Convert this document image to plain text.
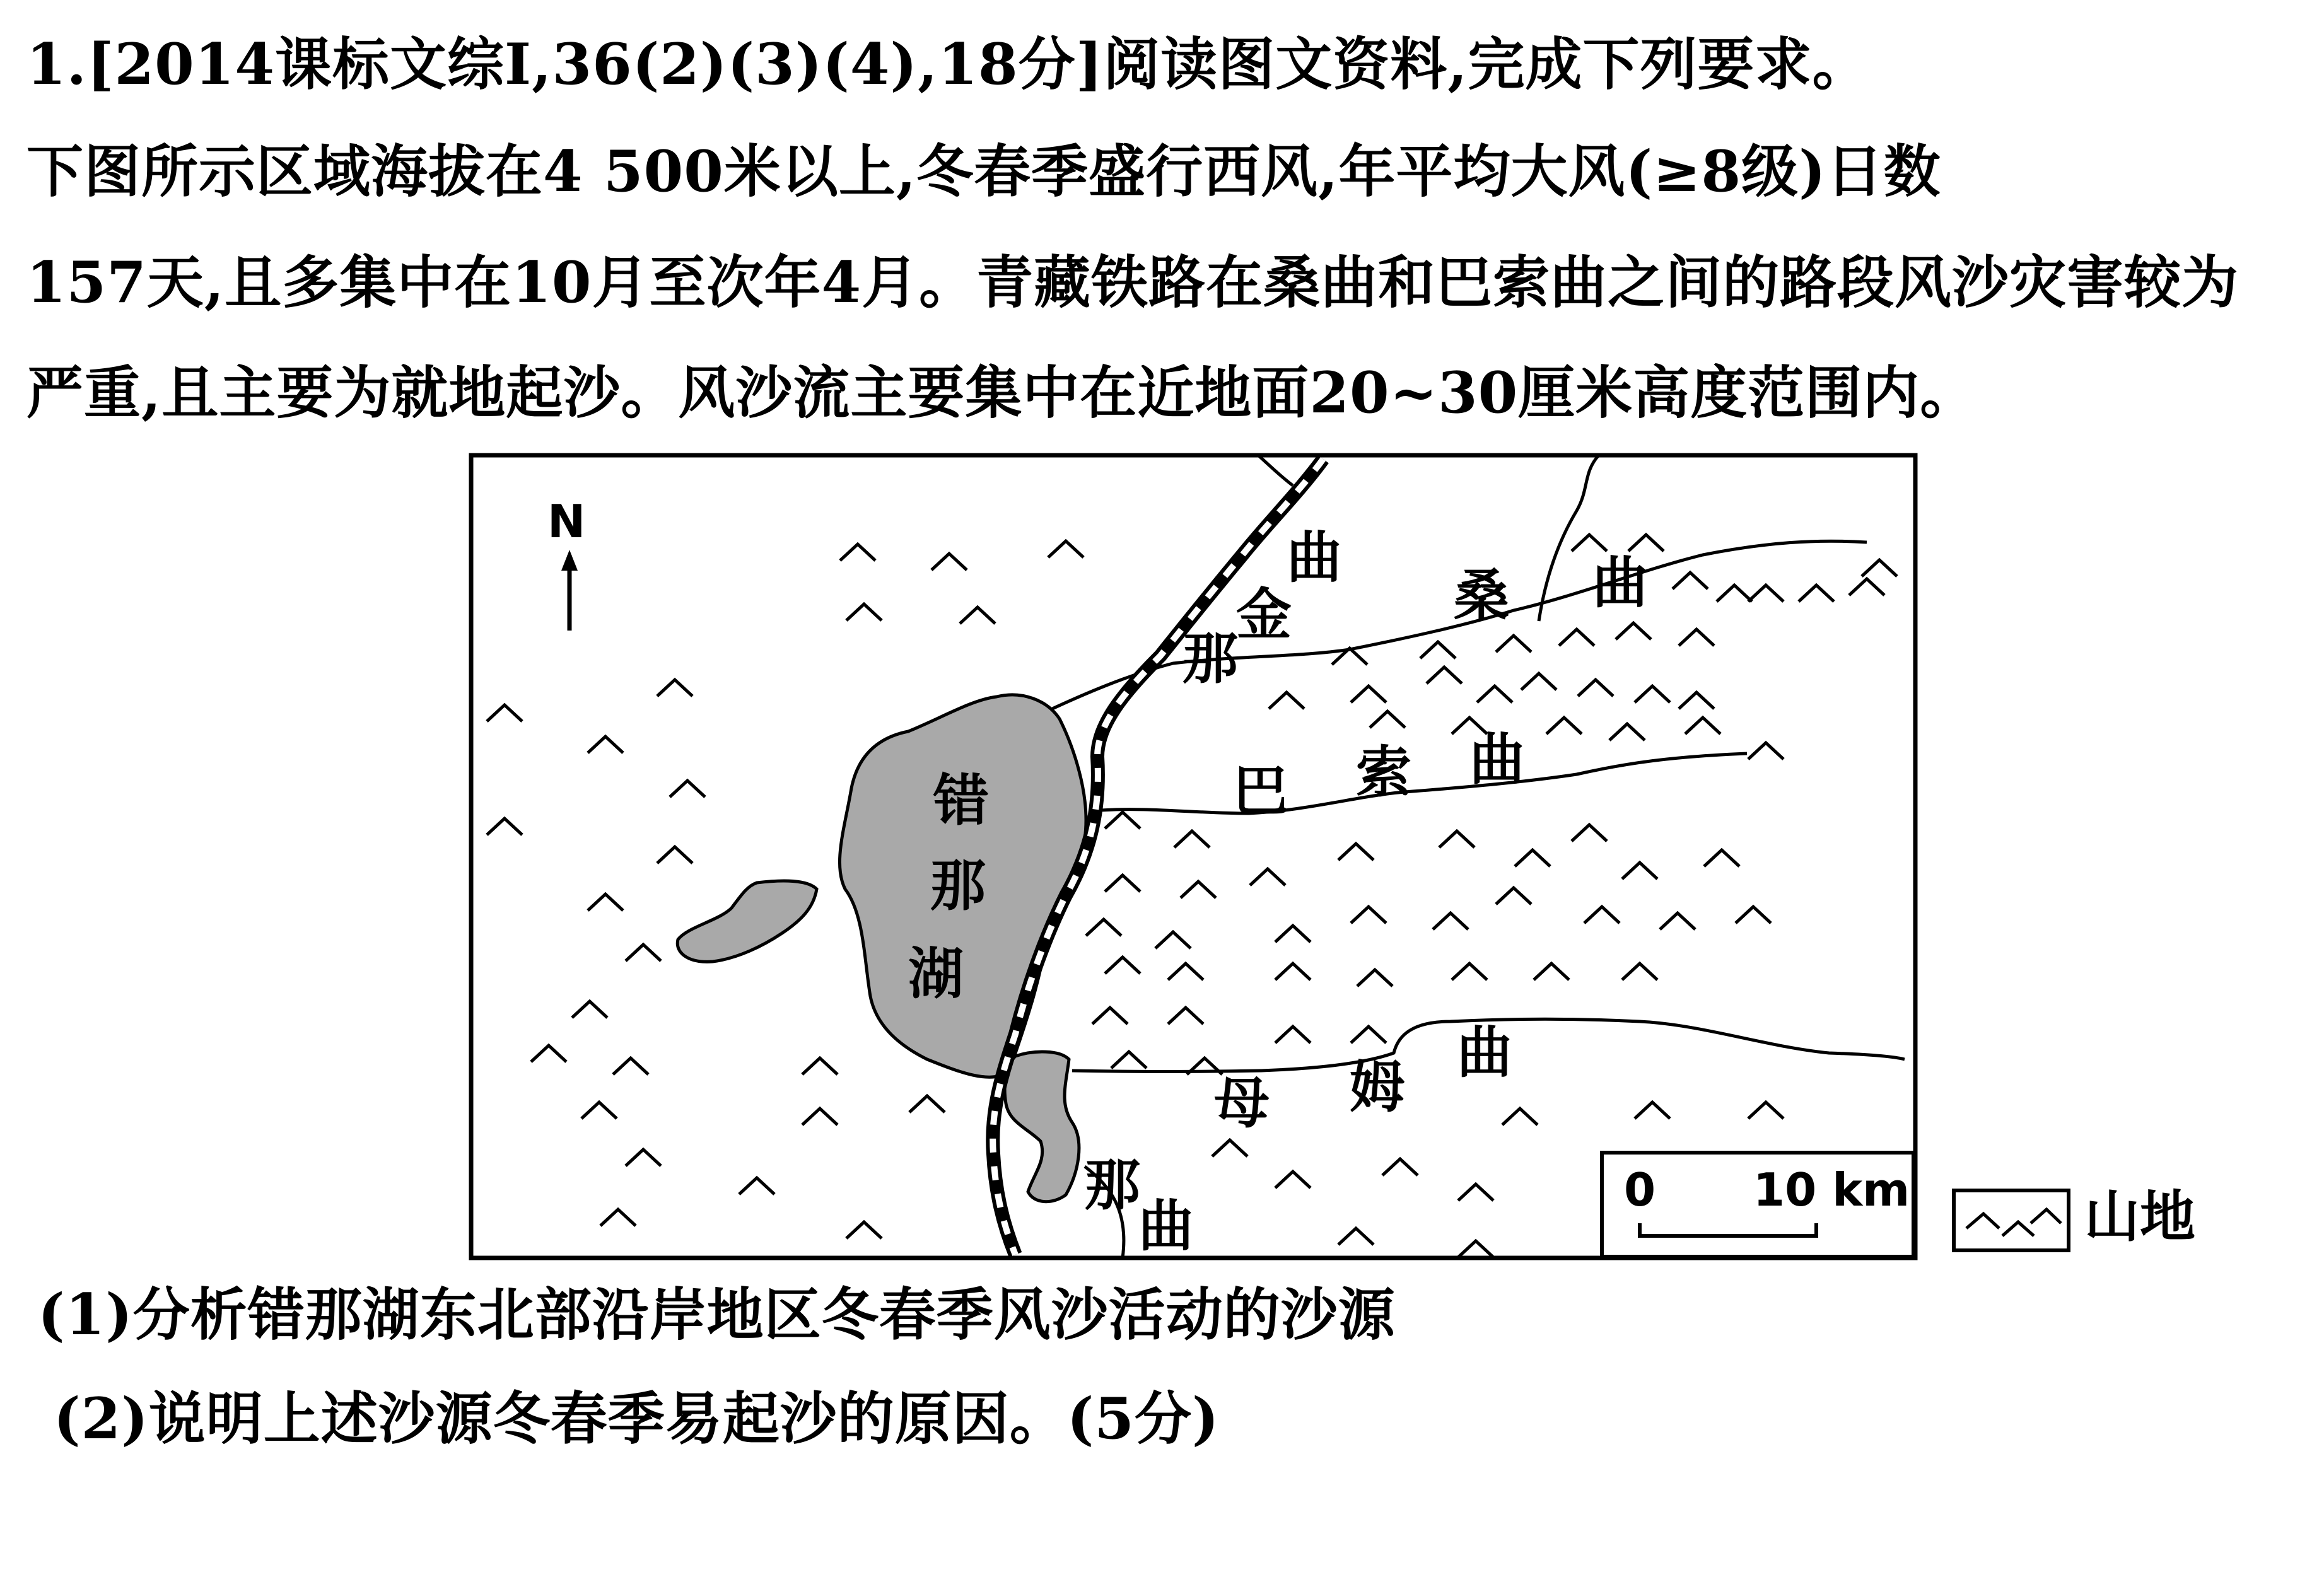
1.[2014课标文综Ⅰ,36(2)(3)(4),18分]阅读图文资料,完成下列要求。
下图所示区域海拔在4 500米以上,冬春季盛行西风,年平均大风(≥8级)日数
157天,且多集中在10月至次年4月。青藏铁路在桑曲和巴索曲之间的路段风沙灾害较为
严重,且主要为就地起沙。风沙流主要集中在近地面20~30厘米高度范围内。
N
错
那
湖
金
那
曲
桑 曲
巴 索 曲
母 姆
曲
那
曲
0 10 km	山地
(1)分析错那湖东北部沿岸地区冬春季风沙活动的沙源
(2)说明上述沙源冬春季易起沙的原因。(5分)
